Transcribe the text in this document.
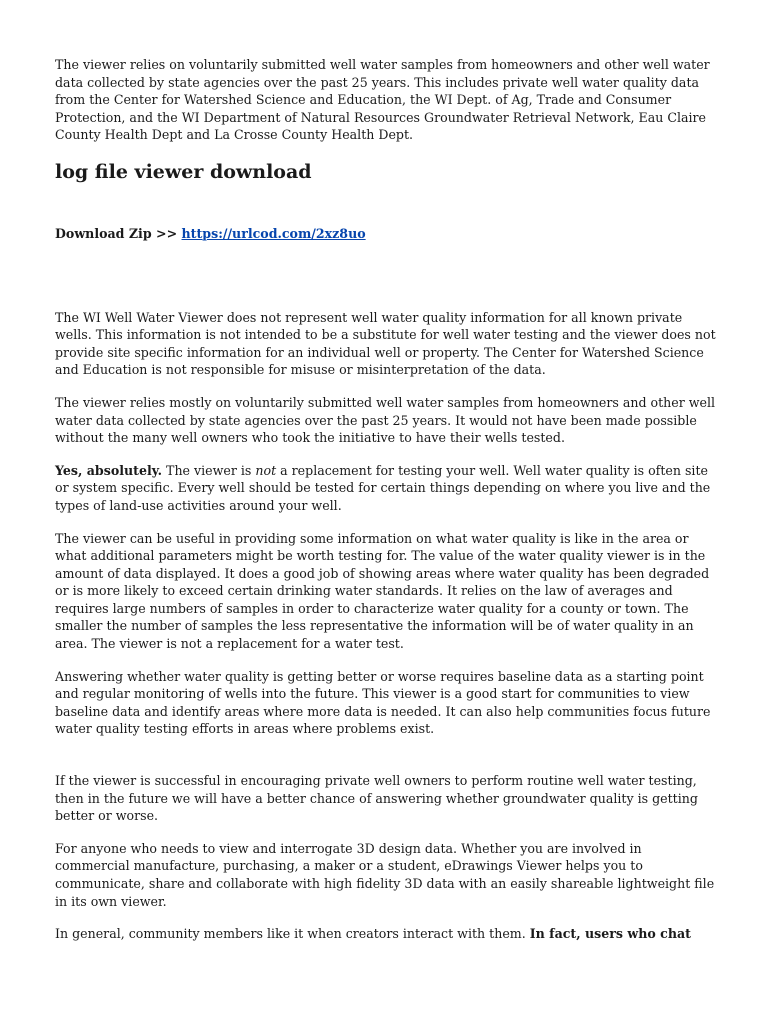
The viewer relies on voluntarily submitted well water samples from homeowners and other well water data collected by state agencies over the past 25 years. This includes private well water quality data from the Center for Watershed Science and Education, the WI Dept. of Ag, Trade and Consumer Protection, and the WI Department of Natural Resources Groundwater Retrieval Network, Eau Claire County Health Dept and La Crosse County Health Dept.

log file viewer download

Download Zip >> https://urlcod.com/2xz8uo

The WI Well Water Viewer does not represent well water quality information for all known private wells. This information is not intended to be a substitute for well water testing and the viewer does not provide site specific information for an individual well or property. The Center for Watershed Science and Education is not responsible for misuse or misinterpretation of the data.

The viewer relies mostly on voluntarily submitted well water samples from homeowners and other well water data collected by state agencies over the past 25 years. It would not have been made possible without the many well owners who took the initiative to have their wells tested.

Yes, absolutely. The viewer is not a replacement for testing your well. Well water quality is often site or system specific. Every well should be tested for certain things depending on where you live and the types of land-use activities around your well.

The viewer can be useful in providing some information on what water quality is like in the area or what additional parameters might be worth testing for. The value of the water quality viewer is in the amount of data displayed. It does a good job of showing areas where water quality has been degraded or is more likely to exceed certain drinking water standards. It relies on the law of averages and requires large numbers of samples in order to characterize water quality for a county or town. The smaller the number of samples the less representative the information will be of water quality in an area. The viewer is not a replacement for a water test.

Answering whether water quality is getting better or worse requires baseline data as a starting point and regular monitoring of wells into the future. This viewer is a good start for communities to view baseline data and identify areas where more data is needed. It can also help communities focus future water quality testing efforts in areas where problems exist.

If the viewer is successful in encouraging private well owners to perform routine well water testing, then in the future we will have a better chance of answering whether groundwater quality is getting better or worse.

For anyone who needs to view and interrogate 3D design data. Whether you are involved in commercial manufacture, purchasing, a maker or a student, eDrawings Viewer helps you to communicate, share and collaborate with high fidelity 3D data with an easily shareable lightweight file in its own viewer.

In general, community members like it when creators interact with them. In fact, users who chat
